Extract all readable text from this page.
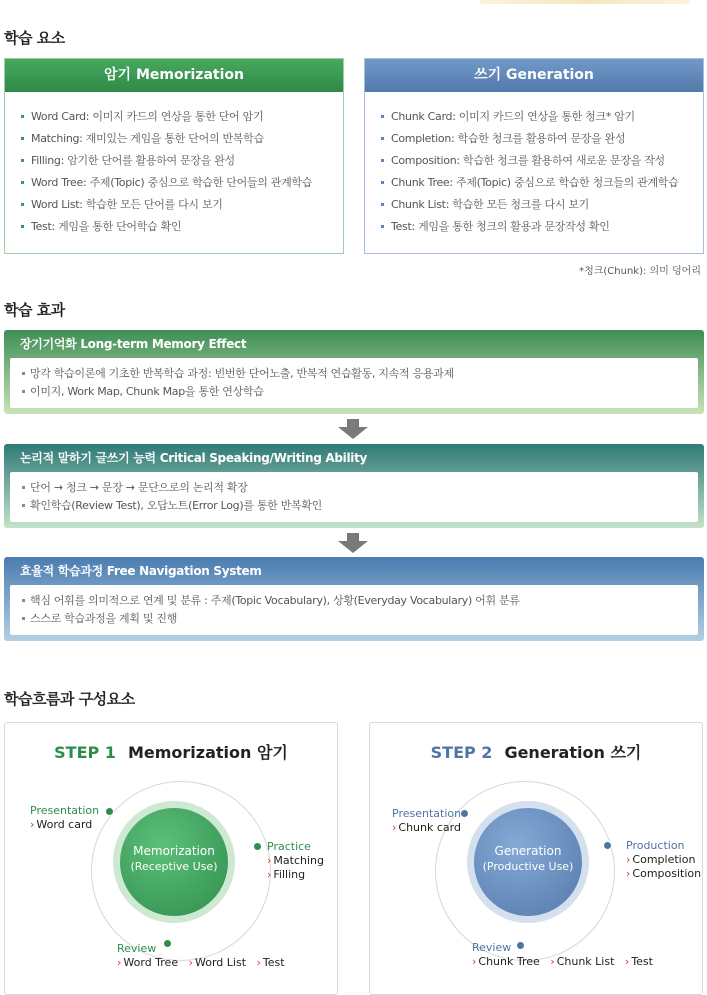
학습 요소
암기 Memorization
Word Card: 이미지 카드의 연상을 통한 단어 암기
Matching: 재미있는 게임을 통한 단어의 반복학습
Filling: 암기한 단어를 활용하여 문장을 완성
Word Tree: 주제(Topic) 중심으로 학습한 단어들의 관계학습
Word List: 학습한 모든 단어를 다시 보기
Test: 게임을 통한 단어학습 확인
쓰기 Generation
Chunk Card: 이미지 카드의 연상을 통한 청크* 암기
Completion: 학습한 청크를 활용하여 문장을 완성
Composition: 학습한 청크를 활용하여 새로운 문장을 작성
Chunk Tree: 주제(Topic) 중심으로 학습한 청크들의 관계학습
Chunk List: 학습한 모든 청크를 다시 보기
Test: 게임을 통한 청크의 활용과 문장작성 확인
*청크(Chunk): 의미 덩어리
학습 효과
장기기억화 Long-term Memory Effect
망각 학습이론에 기초한 반복학습 과정: 빈번한 단어노출, 반복적 연습활동, 지속적 응용과제
이미지, Work Map, Chunk Map을 통한 연상학습
논리적 말하기 글쓰기 능력 Critical Speaking/Writing Ability
단어 → 청크 → 문장 → 문단으로의 논리적 확장
확인학습(Review Test), 오답노트(Error Log)를 통한 반복확인
효율적 학습과정 Free Navigation System
핵심 어휘를 의미적으로 연계 및 분류 : 주제(Topic Vocabulary), 상황(Everyday Vocabulary) 어휘 분류
스스로 학습과정을 계획 및 진행
학습흐름과 구성요소
STEP 1 Memorization 암기
Memorization
(Receptive Use)
Presentation
› Word card
Practice
› Matching
› Filling
Review
› Word Tree › Word List › Test
STEP 2 Generation 쓰기
Generation
(Productive Use)
Presentation
› Chunk card
Production
› Completion
› Composition
Review
› Chunk Tree › Chunk List › Test
